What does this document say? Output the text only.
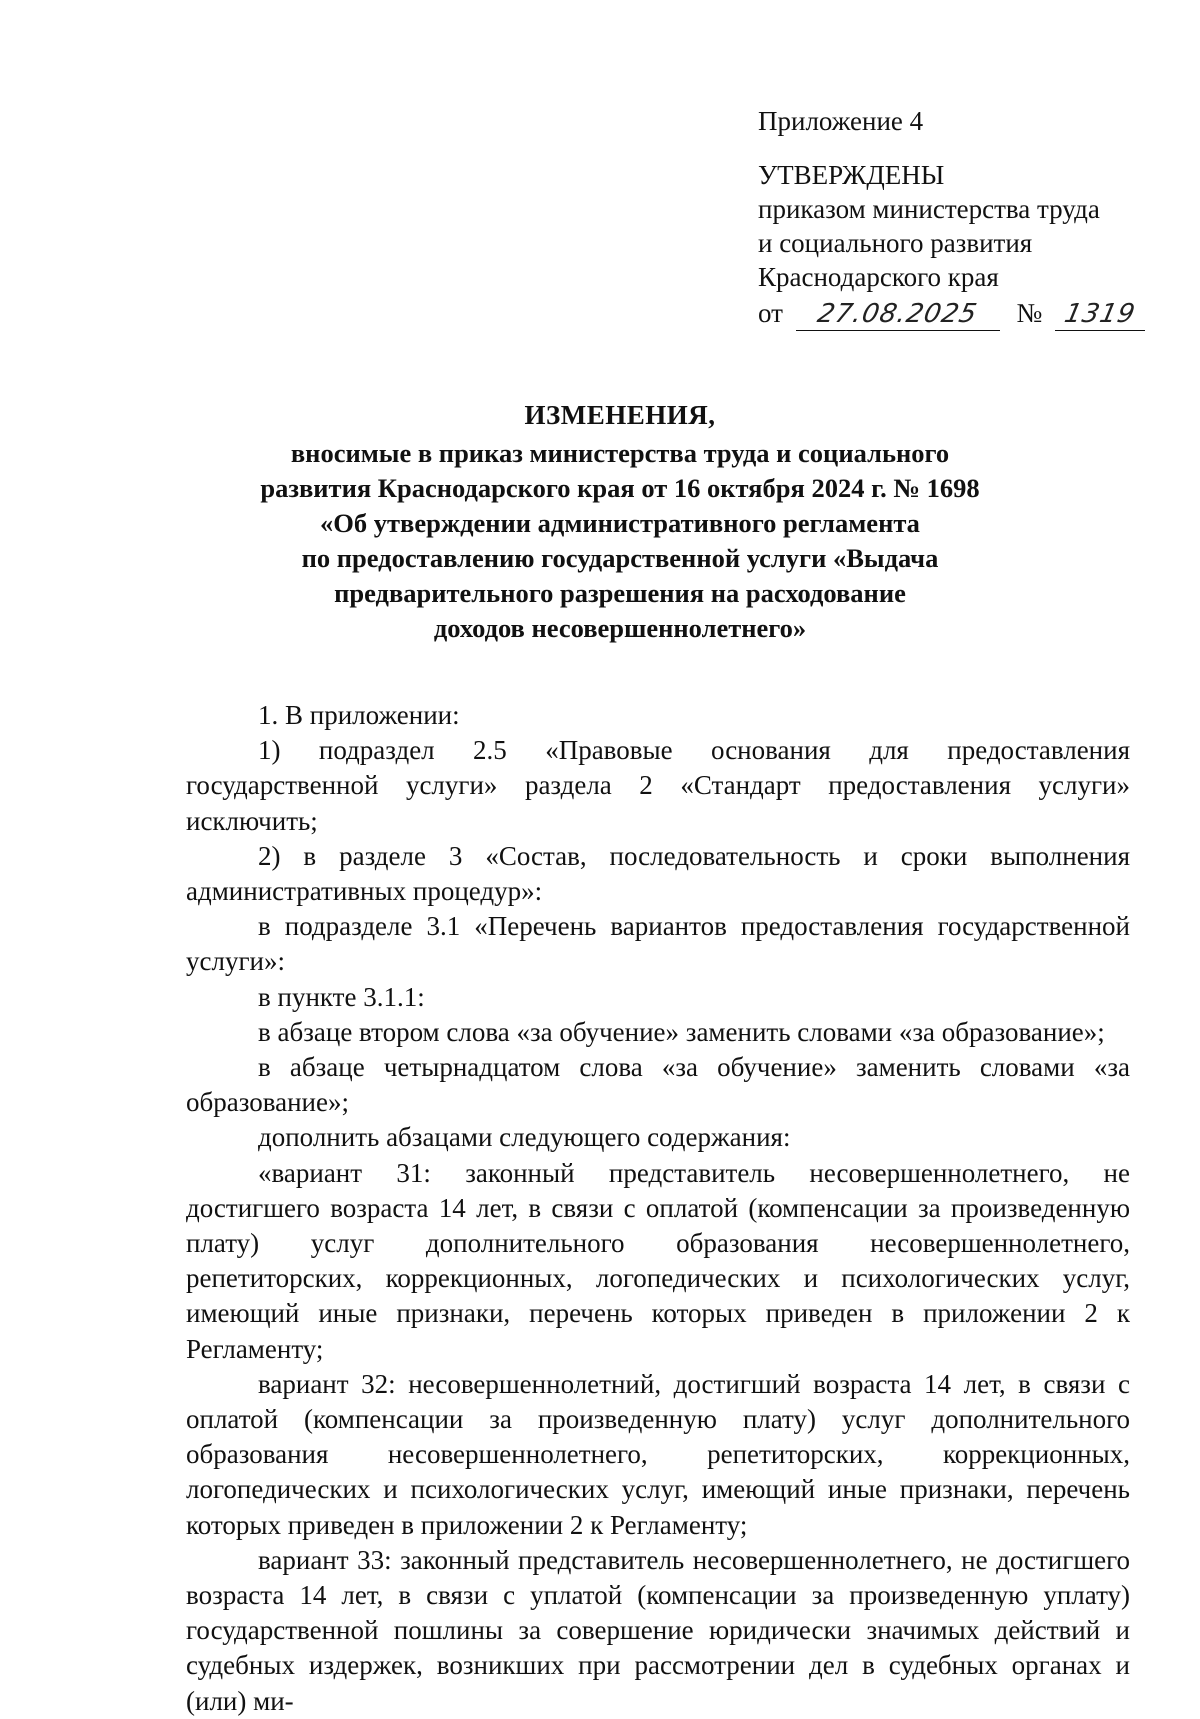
Приложение 4
УТВЕРЖДЕНЫ
приказом министерства труда
и социального развития
Краснодарского края
от 27.08.2025 № 1319
ИЗМЕНЕНИЯ,
вносимые в приказ министерства труда и социального
развития Краснодарского края от 16 октября 2024 г. № 1698
«Об утверждении административного регламента
по предоставлению государственной услуги «Выдача
предварительного разрешения на расходование
доходов несовершеннолетнего»

1. В приложении:

1) подраздел 2.5 «Правовые основания для предоставления государственной услуги» раздела 2 «Стандарт предоставления услуги» исключить;

2) в разделе 3 «Состав, последовательность и сроки выполнения административных процедур»:

в подразделе 3.1 «Перечень вариантов предоставления государственной услуги»:

в пункте 3.1.1:

в абзаце втором слова «за обучение» заменить словами «за образование»;

в абзаце четырнадцатом слова «за обучение» заменить словами «за образование»;

дополнить абзацами следующего содержания:

«вариант 31: законный представитель несовершеннолетнего, не достигшего возраста 14 лет, в связи с оплатой (компенсации за произведенную плату) услуг дополнительного образования несовершеннолетнего, репетиторских, коррекционных, логопедических и психологических услуг, имеющий иные признаки, перечень которых приведен в приложении 2 к Регламенту;

вариант 32: несовершеннолетний, достигший возраста 14 лет, в связи с оплатой (компенсации за произведенную плату) услуг дополнительного образования несовершеннолетнего, репетиторских, коррекционных, логопедических и психологических услуг, имеющий иные признаки, перечень которых приведен в приложении 2 к Регламенту;

вариант 33: законный представитель несовершеннолетнего, не достигшего возраста 14 лет, в связи с уплатой (компенсации за произведенную уплату) государственной пошлины за совершение юридически значимых действий и судебных издержек, возникших при рассмотрении дел в судебных органах и (или) ми-
